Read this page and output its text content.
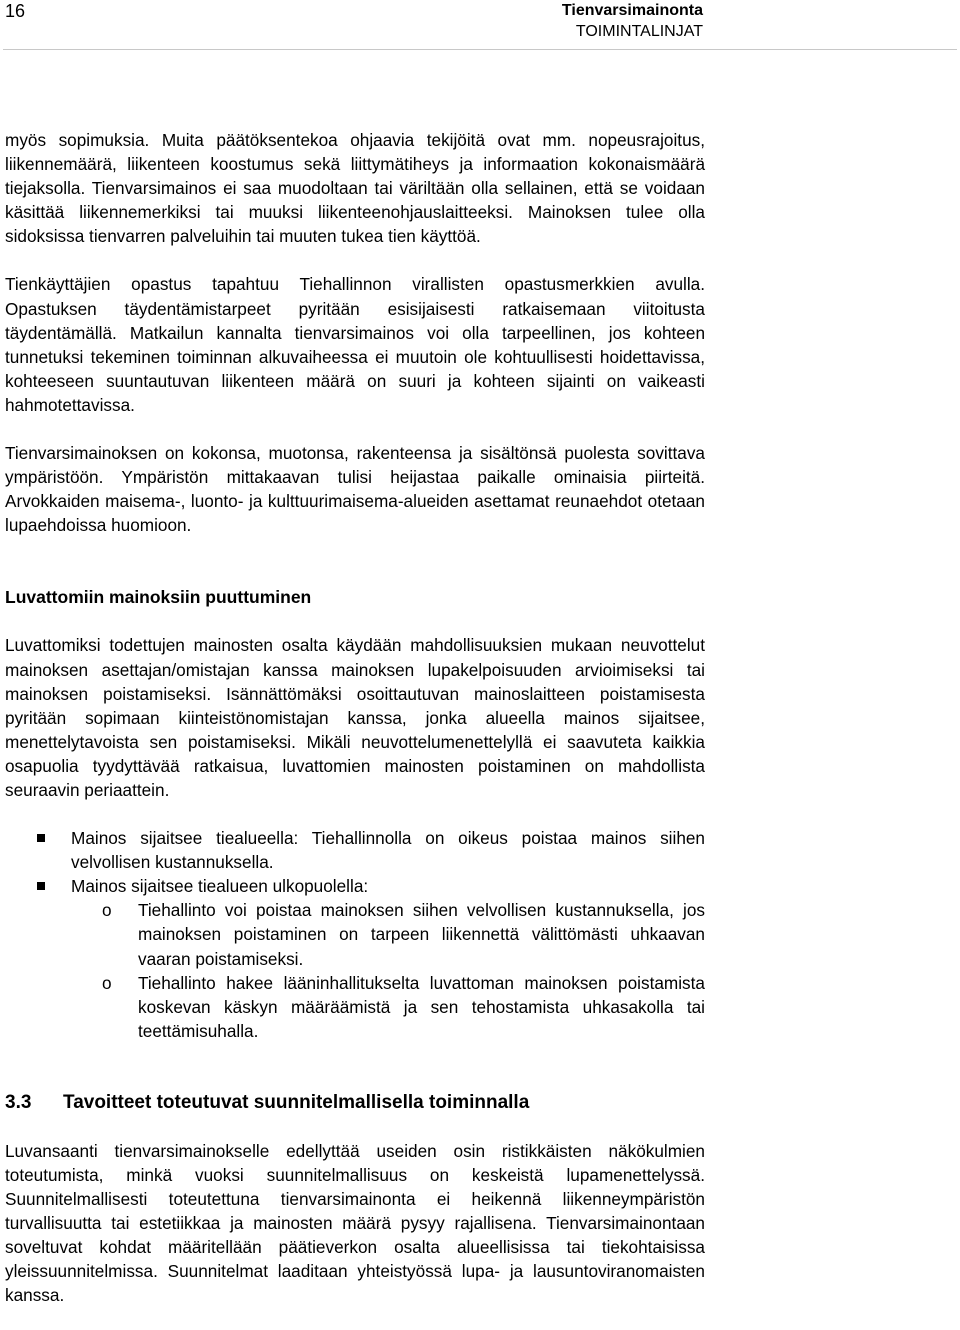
16	Tienvarsimainonta
TOIMINTALINJAT

myös sopimuksia. Muita päätöksentekoa ohjaavia tekijöitä ovat mm. nopeusrajoitus, liikennemäärä, liikenteen koostumus sekä liittymätiheys ja informaation kokonaismäärä tiejaksolla. Tienvarsimainos ei saa muodoltaan tai väriltään olla sellainen, että se voidaan käsittää liikennemerkiksi tai muuksi liikenteenohjauslaitteeksi. Mainoksen tulee olla sidoksissa tienvarren palveluihin tai muuten tukea tien käyttöä.

Tienkäyttäjien opastus tapahtuu Tiehallinnon virallisten opastusmerkkien avulla. Opastuksen täydentämistarpeet pyritään esisijaisesti ratkaisemaan viitoitusta täydentämällä. Matkailun kannalta tienvarsimainos voi olla tarpeellinen, jos kohteen tunnetuksi tekeminen toiminnan alkuvaiheessa ei muutoin ole kohtuullisesti hoidettavissa, kohteeseen suuntautuvan liikenteen määrä on suuri ja kohteen sijainti on vaikeasti hahmotettavissa.

Tienvarsimainoksen on kokonsa, muotonsa, rakenteensa ja sisältönsä puolesta sovittava ympäristöön. Ympäristön mittakaavan tulisi heijastaa paikalle ominaisia piirteitä. Arvokkaiden maisema-, luonto- ja kulttuurimaisema-alueiden asettamat reunaehdot otetaan lupaehdoissa huomioon.

Luvattomiin mainoksiin puuttuminen

Luvattomiksi todettujen mainosten osalta käydään mahdollisuuksien mukaan neuvottelut mainoksen asettajan/omistajan kanssa mainoksen lupakelpoisuuden arvioimiseksi tai mainoksen poistamiseksi. Isännättömäksi osoittautuvan mainoslaitteen poistamisesta pyritään sopimaan kiinteistönomistajan kanssa, jonka alueella mainos sijaitsee, menettelytavoista sen poistamiseksi. Mikäli neuvottelumenettelyllä ei saavuteta kaikkia osapuolia tyydyttävää ratkaisua, luvattomien mainosten poistaminen on mahdollista seuraavin periaattein.

Mainos sijaitsee tiealueella: Tiehallinnolla on oikeus poistaa mainos siihen velvollisen kustannuksella.
Mainos sijaitsee tiealueen ulkopuolella:
o Tiehallinto voi poistaa mainoksen siihen velvollisen kustannuksella, jos mainoksen poistaminen on tarpeen liikennettä välittömästi uhkaavan vaaran poistamiseksi.
o Tiehallinto hakee lääninhallitukselta luvattoman mainoksen poistamista koskevan käskyn määräämistä ja sen tehostamista uhkasakolla tai teettämisuhalla.
3.3	Tavoitteet toteutuvat suunnitelmallisella toiminnalla

Luvansaanti tienvarsimainokselle edellyttää useiden osin ristikkäisten näkökulmien toteutumista, minkä vuoksi suunnitelmallisuus on keskeistä lupamenettelyssä. Suunnitelmallisesti toteutettuna tienvarsimainonta ei heikennä liikenneympäristön turvallisuutta tai estetiikkaa ja mainosten määrä pysyy rajallisena. Tienvarsimainontaan soveltuvat kohdat määritellään päätieverkon osalta alueellisissa tai tiekohtaisissa yleissuunnitelmissa. Suunnitelmat laaditaan yhteistyössä lupa- ja lausuntoviranomaisten kanssa.
